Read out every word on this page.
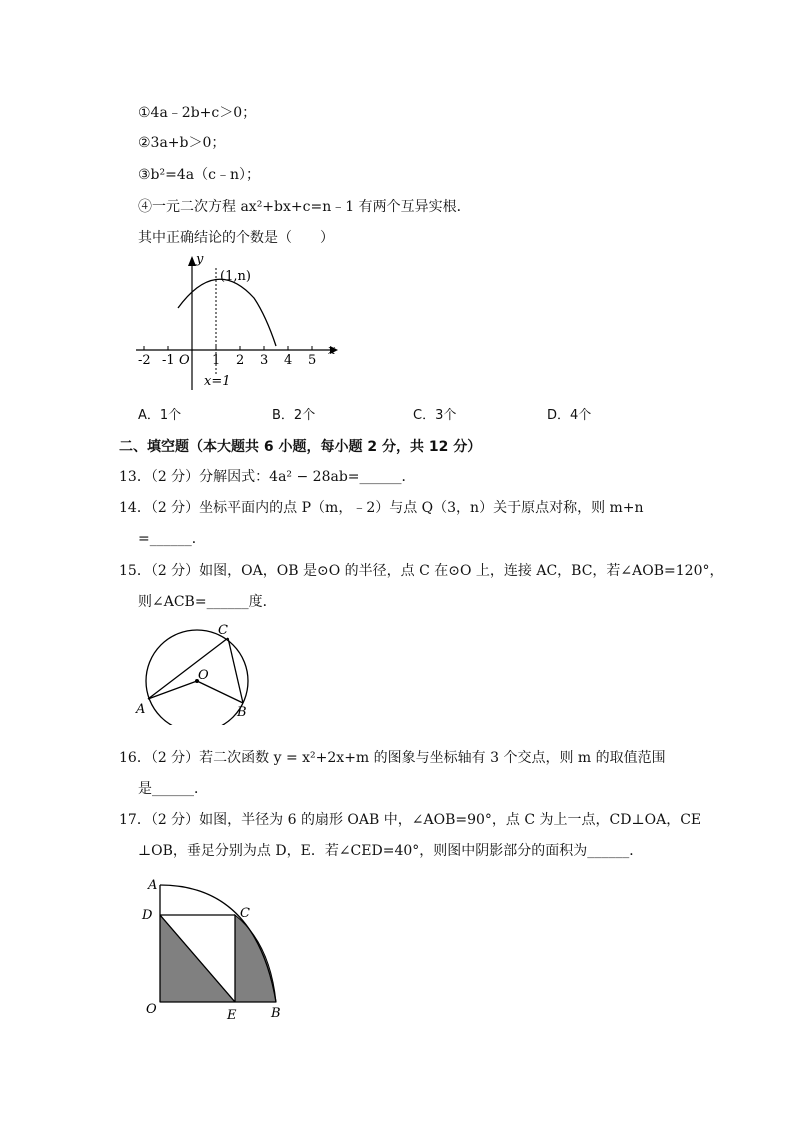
①4a﹣2b+c＞0；
②3a+b＞0；
③b²=4a（c﹣n）；
④一元二次方程 ax²+bx+c=n﹣1 有两个互异实根．
其中正确结论的个数是（　　）
y
x
(1,n)
O
-2 -1	1 2 3 4 5
x=1
A．1个	B．2个	C．3个	D．4个
二、填空题（本大题共 6 小题，每小题 2 分，共 12 分）
13．（2 分）分解因式：4a² − 28ab=______．
14．（2 分）坐标平面内的点 P（m，﹣2）与点 Q（3，n）关于原点对称，则 m+n
=______．
15．（2 分）如图，OA，OB 是⊙O 的半径，点 C 在⊙O 上，连接 AC，BC，若∠AOB=120°，
则∠ACB=______度．
C
O
A	B
16．（2 分）若二次函数 y = x²+2x+m 的图象与坐标轴有 3 个交点，则 m 的取值范围
是______．
17．（2 分）如图，半径为 6 的扇形 OAB 中，∠AOB=90°，点 C 为上一点，CD⊥OA，CE
⊥OB，垂足分别为点 D，E．若∠CED=40°，则图中阴影部分的面积为______．
A
D	C
O	E	B
